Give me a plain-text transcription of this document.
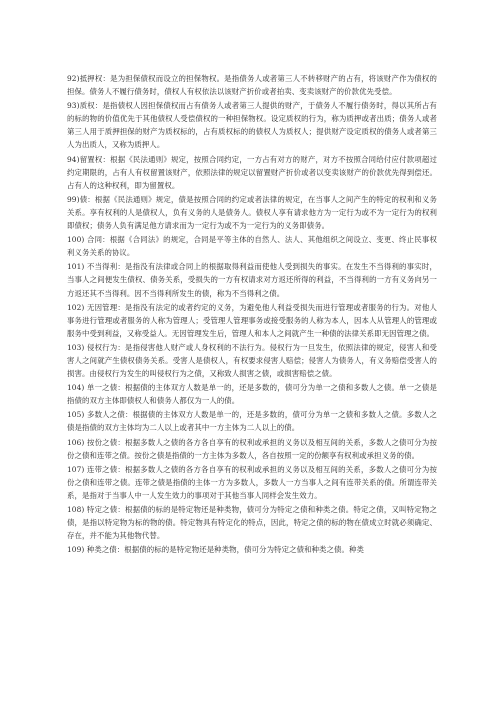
92)抵押权：是为担保债权而设立的担保物权。是指债务人或者第三人不转移财产的占有，将该财产作为债权的担保。债务人不履行债务时，债权人有权依法以该财产折价或者拍卖、变卖该财产的价款优先受偿。

93)质权：是指债权人因担保债权而占有债务人或者第三人提供的财产，于债务人不履行债务时，得以其所占有的标的物的价值优先于其他债权人受偿债权的一种担保物权。设定质权的行为，称为质押或者出质；债务人或者第三人用于质押担保的财产为质权标的，占有质权标的的债权人为质权人；提供财产设定质权的债务人或者第三人为出质人，又称为质押人。

94)留置权：根据《民法通则》规定，按照合同约定，一方占有对方的财产，对方不按照合同给付应付款项超过约定期限的，占有人有权留置该财产，依照法律的规定以留置财产折价或者以变卖该财产的价款优先得到偿还。占有人的这种权利，即为留置权。

99)债：根据《民法通则》规定，债是按照合同的约定或者法律的规定，在当事人之间产生的特定的权利和义务关系。享有权利的人是债权人，负有义务的人是债务人。债权人享有请求他方为一定行为或不为一定行为的权利即债权；债务人负有满足他方请求而为一定行为或不为一定行为的义务即债务。

100) 合同：根据《合同法》的规定，合同是平等主体的自然人、法人、其他组织之间设立、变更、终止民事权利义务关系的协议。

101) 不当得利：是指没有法律或合同上的根据取得利益而使他人受到损失的事实。在发生不当得利的事实时，当事人之间便发生债权、债务关系，受损失的一方有权请求对方返还所得的利益，不当得利的一方有义务向另一方返还其不当得利。因不当得利所发生的债，称为不当得利之债。

102) 无因管理：是指没有法定的或者约定的义务，为避免他人利益受损失而进行管理或者服务的行为。对他人事务进行管理或者服务的人称为管理人；受管理人管理事务或接受服务的人称为本人，因本人从管理人的管理或服务中受到利益，又称受益人。无因管理发生后，管理人和本人之间就产生一种债的法律关系即无因管理之债。

103) 侵权行为：是指侵害他人财产或人身权利的不法行为。侵权行为一旦发生，依照法律的规定，侵害人和受害人之间就产生债权债务关系。受害人是债权人，有权要求侵害人赔偿；侵害人为债务人，有义务赔偿受害人的损害。由侵权行为发生的叫侵权行为之债，又称致人损害之债，或损害赔偿之债。

104) 单一之债：根据债的主体双方人数是单一的，还是多数的，债可分为单一之债和多数人之债。单一之债是指债的双方主体即债权人和债务人都仅为一人的债。

105) 多数人之债：根据债的主体双方人数是单一的，还是多数的，债可分为单一之债和多数人之债。多数人之债是指债的双方主体均为二人以上或者其中一方主体为二人以上的债。

106) 按份之债：根据多数人之债的各方各自享有的权利或承担的义务以及相互间的关系，多数人之债可分为按份之债和连带之债。按份之债是指债的一方主体为多数人，各自按照一定的份额享有权利或承担义务的债。

107) 连带之债：根据多数人之债的各方各自享有的权利或承担的义务以及相互间的关系，多数人之债可分为按份之债和连带之债。连带之债是指债的主体一方为多数人，多数人一方当事人之间有连带关系的债。所谓连带关系，是指对于当事人中一人发生效力的事项对于其他当事人同样会发生效力。

108) 特定之债：根据债的标的是特定物还是种类物，债可分为特定之债和种类之债。特定之债，又叫特定物之债，是指以特定物为标的物的债。特定物具有特定化的特点，因此，特定之债的标的物在债成立时就必须确定、存在，并不能为其他物代替。

109) 种类之债：根据债的标的是特定物还是种类物，债可分为特定之债和种类之债。种类
